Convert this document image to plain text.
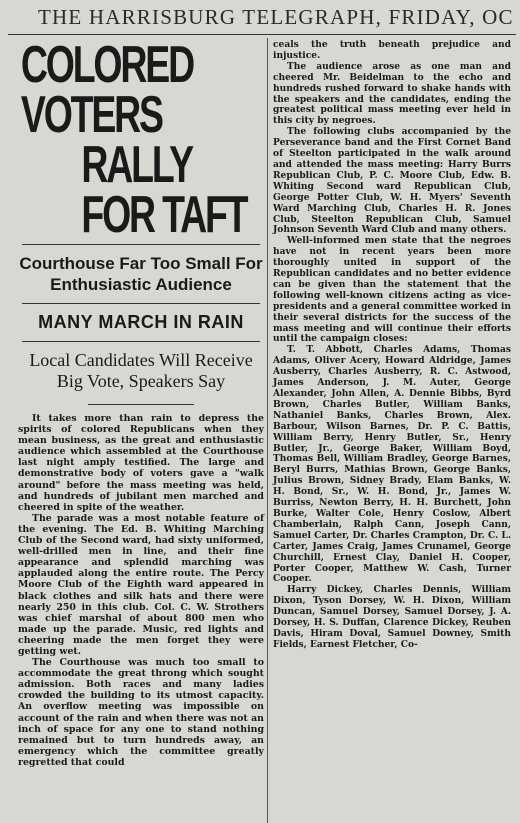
THE HARRISBURG TELEGRAPH, FRIDAY, OC
COLORED VOTERS
RALLY FOR TAFT
Courthouse Far Too Small For Enthusiastic Audience
MANY MARCH IN RAIN
Local Candidates Will Receive Big Vote, Speakers Say

It takes more than rain to depress the spirits of colored Republicans when they mean business, as the great and enthusiastic audience which assembled at the Courthouse last night amply testified. The large and demonstrative body of voters gave a "walk around" before the mass meeting was held, and hundreds of jubilant men marched and cheered in spite of the weather.

The parade was a most notable feature of the evening. The Ed. B. Whiting Marching Club of the Second ward, had sixty uniformed, well-drilled men in line, and their fine appearance and splendid marching was applauded along the entire route. The Percy Moore Club of the Eighth ward appeared in black clothes and silk hats and there were nearly 250 in this club. Col. C. W. Strothers was chief marshal of about 800 men who made up the parade. Music, red lights and cheering made the men forget they were getting wet.

The Courthouse was much too small to accommodate the great throng which sought admission. Both races and many ladies crowded the building to its utmost capacity. An overflow meeting was impossible on account of the rain and when there was not an inch of space for any one to stand nothing remained but to turn hundreds away, an emergency which the committee greatly regretted that could

ceals the truth beneath prejudice and injustice.

The audience arose as one man and cheered Mr. Beidelman to the echo and hundreds rushed forward to shake hands with the speakers and the candidates, ending the greatest political mass meeting ever held in this city by negroes.

The following clubs accompanied by the Perseverance band and the First Cornet Band of Steelton participated in the walk around and attended the mass meeting: Harry Burrs Republican Club, P. C. Moore Club, Edw. B. Whiting Second ward Republican Club, George Potter Club, W. H. Myers' Seventh Ward Marching Club, Charles H. R. Jones Club, Steelton Republican Club, Samuel Johnson Seventh Ward Club and many others.

Well-informed men state that the negroes have not in recent years been more thoroughly united in support of the Republican candidates and no better evidence can be given than the statement that the following well-known citizens acting as vice-presidents and a general committee worked in their several districts for the success of the mass meeting and will continue their efforts until the campaign closes:

T. T. Abbott, Charles Adams, Thomas Adams, Oliver Acery, Howard Aldridge, James Ausberry, Charles Ausberry, R. C. Astwood, James Anderson, J. M. Auter, George Alexander, John Allen, A. Dennie Bibbs, Byrd Brown, Charles Butler, William Banks, Nathaniel Banks, Charles Brown, Alex. Barbour, Wilson Barnes, Dr. P. C. Battis, William Berry, Henry Butler, Sr., Henry Butler, Jr., George Baker, William Boyd, Thomas Bell, William Bradley, George Barnes, Beryl Burrs, Mathias Brown, George Banks, Julius Brown, Sidney Brady, Elam Banks, W. H. Bond, Sr., W. H. Bond, Jr., James W. Burriss, Newton Berry, H. H. Burchett, John Burke, Walter Cole, Henry Coslow, Albert Chamberlain, Ralph Cann, Joseph Cann, Samuel Carter, Dr. Charles Crampton, Dr. C. L. Carter, James Craig, James Crunamel, George Churchill, Ernest Clay, Daniel H. Cooper, Porter Cooper, Matthew W. Cash, Turner Cooper.

Harry Dickey, Charles Dennis, William Dixon, Tyson Dorsey, W. H. Dixon, William Duncan, Samuel Dorsey, Samuel Dorsey, J. A. Dorsey, H. S. Duffan, Clarence Dickey, Reuben Davis, Hiram Doval, Samuel Downey, Smith Fields, Earnest Fletcher, Co-
